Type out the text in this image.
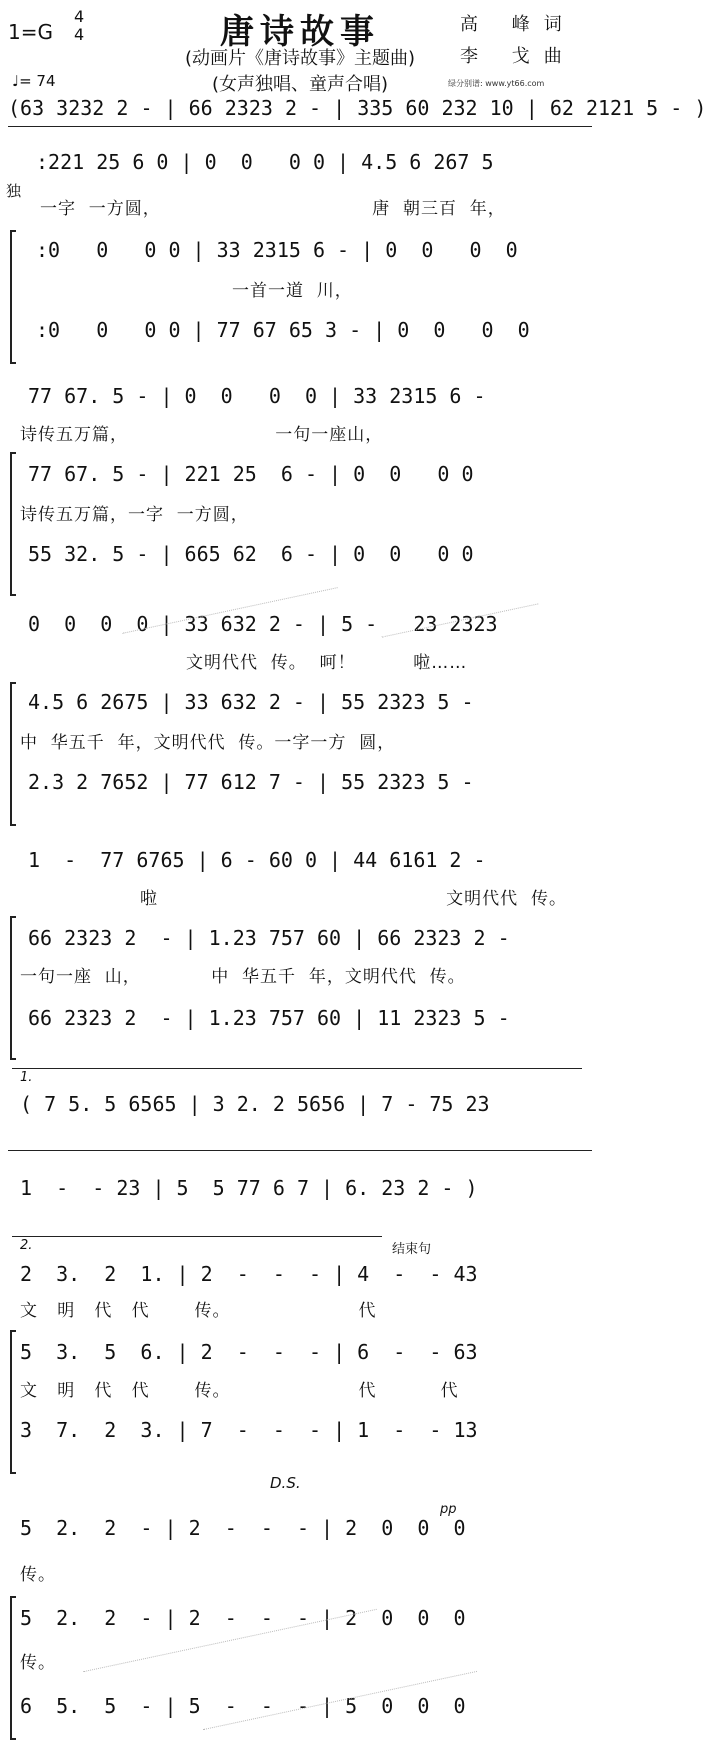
唐诗故事
1=G
4
4
(动画片《唐诗故事》主题曲)
(女声独唱、童声合唱)
高 峰词
李 戈曲
♩= 74	绿分别谱: www.yt66.com
独
(63 3232 2 - | 66 2323 2 - | 335 60 232 10 | 62 2121 5 - )
:221 25 6 0 | 0  0   0 0 | 4.5 6 267 5
一字  一方圆，                                 唐  朝三百  年，
:0   0   0 0 | 33 2315 6 - | 0  0   0  0
一首一道  川，
:0   0   0 0 | 77 67 65 3 - | 0  0   0  0
77 67. 5 - | 0  0   0  0 | 33 2315 6 -
诗传五万篇，                       一句一座山，
77 67. 5 - | 221 25  6 - | 0  0   0 0
诗传五万篇，一字  一方圆，
55 32. 5 - | 665 62  6 - | 0  0   0 0
0  0  0  0 | 33 632 2 - | 5 -   23 2323
文明代代  传。  呵！         啦……
4.5 6 2675 | 33 632 2 - | 55 2323 5 -
中  华五千  年，文明代代  传。一字一方  圆，
2.3 2 7652 | 77 612 7 - | 55 2323 5 -
1  -  77 6765 | 6 - 60 0 | 44 6161 2 -
啦                                             文明代代  传。
66 2323 2  - | 1.23 757 60 | 66 2323 2 -
一句一座  山，           中  华五千  年，文明代代  传。
66 2323 2  - | 1.23 757 60 | 11 2323 5 -
1.
( 7 5. 5 6565 | 3 2. 2 5656 | 7 - 75 23
1  -  - 23 | 5  5 77 6 7 | 6. 23 2 - )
2.	结束句
2  3.  2  1. | 2  -  -  - | 4  -  - 43
文   明   代   代       传。                    代
5  3.  5  6. | 2  -  -  - | 6  -  - 63
文   明   代   代       传。                    代          代
3  7.  2  3. | 7  -  -  - | 1  -  - 13
D.S.
pp
5  2.  2  - | 2  -  -  - | 2  0  0  0
传。
5  2.  2  - | 2  -  -  - | 2  0  0  0
传。
6  5.  5  - | 5  -  -  - | 5  0  0  0
